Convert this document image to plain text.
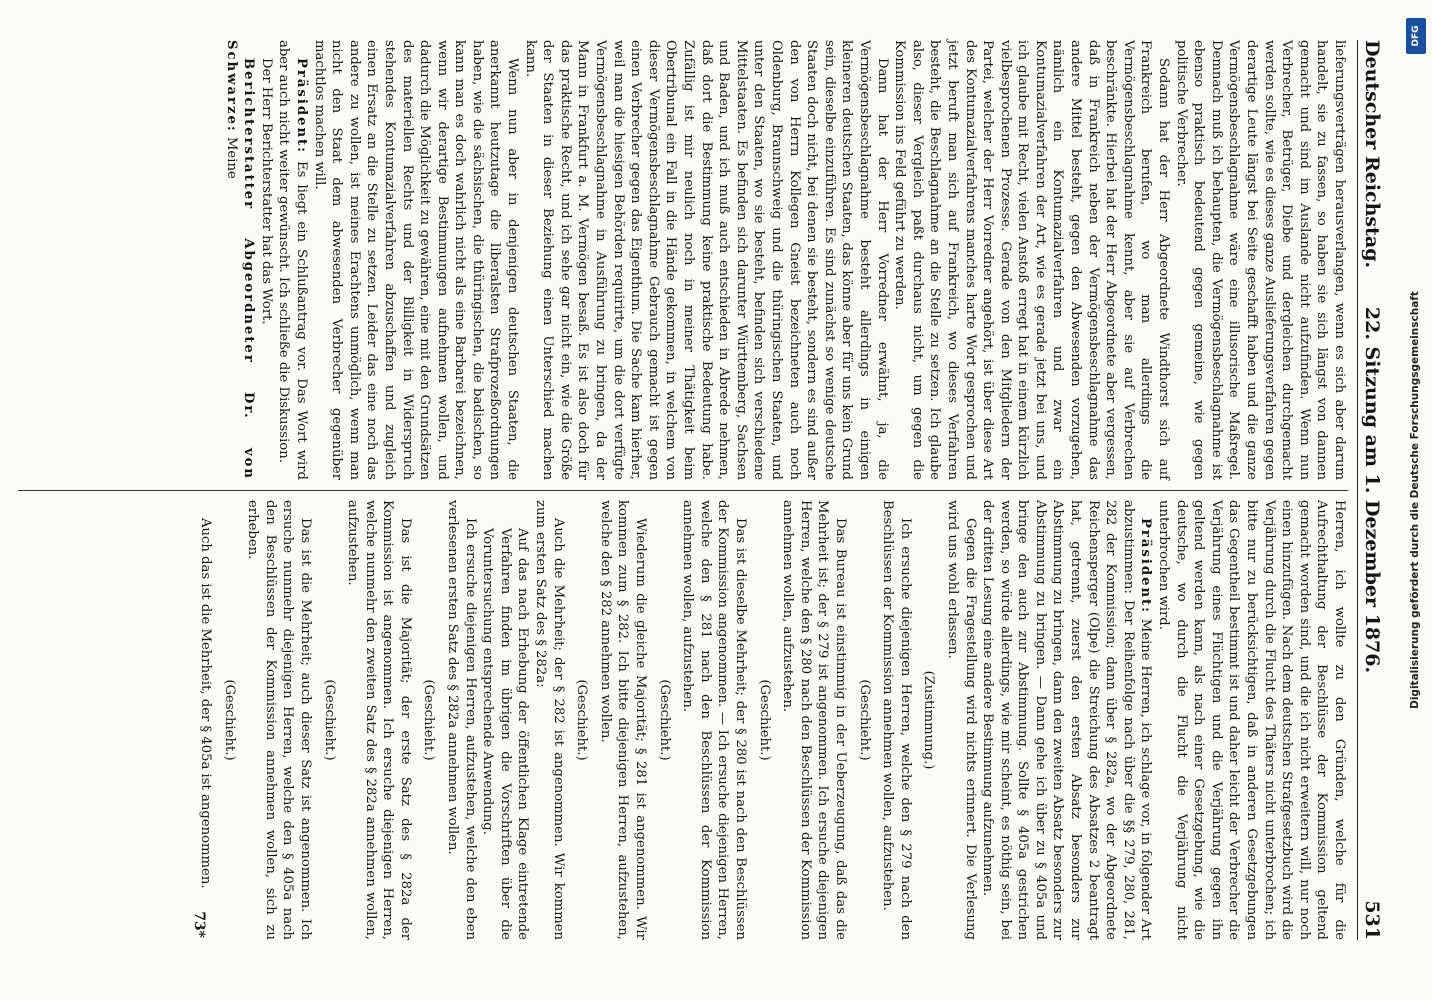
Deutscher Reichstag.
22. Sitzung am 1. Dezember 1876.
531

lieferungsverträgen herausverlangen, wenn es sich aber darum handelt, sie zu fassen, so haben sie sich längst von dannen gemacht und sind im Auslande nicht aufzufinden. Wenn nun Verbrecher, Betrüger, Diebe und dergleichen durchgemacht werden sollte, wie es dieses ganze Auslieferungsverfahren gegen derartige Leute längst bei Seite geschafft haben und die ganze Vermögensbeschlagnahme wäre eine illusorische Maßregel. Demnach muß ich behaupten, die Vermögensbeschlagnahme ist ebenso praktisch bedeutend gegen gemeine, wie gegen politische Verbrecher.

Sodann hat der Herr Abgeordnete Windthorst sich auf Frankreich berufen, wo man allerdings die Vermögensbeschlagnahme kennt, aber sie auf Verbrechen beschränkte. Hierbei hat der Herr Abgeordnete aber vergessen, daß in Frankreich neben der Vermögensbeschlagnahme das andere Mittel besteht, gegen den Abwesenden vorzugehen, nämlich ein Kontumazialverfahren und zwar ein Kontumazialverfahren der Art, wie es gerade jetzt bei uns, und ich glaube mit Recht, vielen Anstoß erregt hat in einem kürzlich vielbesprochenen Prozesse. Gerade von den Mitgliedern der Partei, welcher der Herr Vorredner angehört, ist über diese Art des Kontumazialverfahrens manches harte Wort gesprochen und jetzt beruft man sich auf Frankreich, wo dieses Verfahren besteht, die Beschlagnahme an die Stelle zu setzen. Ich glaube also, dieser Vergleich paßt durchaus nicht, um gegen die Kommission ins Feld geführt zu werden.

Dann hat der Herr Vorredner erwähnt, ja, die Vermögensbeschlagnahme besteht allerdings in einigen kleineren deutschen Staaten, das könne aber für uns kein Grund sein, dieselbe einzuführen. Es sind zunächst so wenige deutsche Staaten doch nicht, bei denen sie besteht, sondern es sind außer den von Herrn Kollegen Gneist bezeichneten auch noch Oldenburg, Braunschweig und die thüringischen Staaten, und unter den Staaten, wo sie besteht, befinden sich verschiedene Mittelstaaten. Es befinden sich darunter Württemberg, Sachsen und Baden, und ich muß auch entschieden in Abrede nehmen, daß dort die Bestimmung keine praktische Bedeutung habe. Zufällig ist mir neulich noch in meiner Thätigkeit beim Obertribunal ein Fall in die Hände gekommen, in welchem von dieser Vermögensbeschlagnahme Gebrauch gemacht ist gegen einen Verbrecher gegen das Eigenthum. Die Sache kam hierher, weil man die hiesigen Behörden requirirte, um die dort verfügte Vermögensbeschlagnahme in Ausführung zu bringen, da der Mann in Frankfurt a. M. Vermögen besaß. Es ist also doch für das praktische Recht, und ich sehe gar nicht ein, wie die Größe der Staaten in dieser Beziehung einen Unterschied machen kann.

Wenn nun aber in denjenigen deutschen Staaten, die anerkannt heutzutage die liberalsten Strafprozeßordnungen haben, wie die sächsischen, die thüringischen, die badischen, so kann man es doch wahrlich nicht als eine Barbarei bezeichnen, wenn wir derartige Bestimmungen aufnehmen wollen, und dadurch die Möglichkeit zu gewähren, eine mit den Grundsätzen des materiellen Rechts und der Billigkeit in Widerspruch stehendes Kontumazialverfahren abzuschaffen und zugleich einen Ersatz an die Stelle zu setzen. Leider das eine noch das andere zu wollen, ist meines Erachtens unmöglich, wenn man nicht den Staat dem abwesenden Verbrecher gegenüber machtlos machen will.

Präsident: Es liegt ein Schlußantrag vor. Das Wort wird aber auch nicht weiter gewünscht. Ich schließe die Diskussion.

Der Herr Berichterstatter hat das Wort.

Berichterstatter Abgeordneter Dr. von Schwarze: Meine

Herren, ich wollte zu den Gründen, welche für die Aufrechthaltung der Beschlüsse der Kommission geltend gemacht worden sind, und die ich nicht erweitern will, nur noch einen hinzufügen. Nach dem deutschen Strafgesetzbuch wird die Verjährung durch die Flucht des Thäters nicht unterbrochen; ich bitte nur zu berücksichtigen, daß in anderen Gesetzgebungen das Gegentheil bestimmt ist und daher leicht der Verbrecher die Verjährung eines Flüchtigen und die Verjährung gegen ihn geltend werden kann, als nach einer Gesetzgebung, wie die deutsche, wo durch die Flucht die Verjährung nicht unterbrochen wird.

Präsident: Meine Herren, ich schlage vor, in folgender Art abzustimmen: Der Reihenfolge nach über die §§ 279, 280, 281, 282 der Kommission; dann über § 282a, wo der Abgeordnete Reichensperger (Olpe) die Streichung des Absatzes 2 beantragt hat, getrennt, zuerst den ersten Absatz besonders zur Abstimmung zu bringen, dann den zweiten Absatz besonders zur Abstimmung zu bringen. — Dann gehe ich über zu § 405a und bringe den auch zur Abstimmung. Sollte § 405a gestrichen werden, so würde allerdings, wie mir scheint, es nöthig sein, bei der dritten Lesung eine andere Bestimmung aufzunehmen.

Gegen die Fragestellung wird nichts erinnert. Die Verlesung wird uns wohl erlassen.

(Zustimmung.)

Ich ersuche diejenigen Herren, welche den § 279 nach den Beschlüssen der Kommission annehmen wollen, aufzustehen.

(Geschieht.)

Das Bureau ist einstimmig in der Ueberzeugung, daß das die Mehrheit ist; der § 279 ist angenommen. Ich ersuche diejenigen Herren, welche den § 280 nach den Beschlüssen der Kommission annehmen wollen, aufzustehen.

(Geschieht.)

Das ist dieselbe Mehrheit; der § 280 ist nach den Beschlüssen der Kommission angenommen. — Ich ersuche diejenigen Herren, welche den § 281 nach den Beschlüssen der Kommission annehmen wollen, aufzustehen.

(Geschieht.)

Wiederum die gleiche Majorität; § 281 ist angenommen. Wir kommen zum § 282. Ich bitte diejenigen Herren, aufzustehen, welche den § 282 annehmen wollen.

(Geschieht.)

Auch die Mehrheit; der § 282 ist angenommen. Wir kommen zum ersten Satz des § 282a:

Auf das nach Erhebung der öffentlichen Klage eintretende Verfahren finden im übrigen die Vorschriften über die Voruntersuchung entsprechende Anwendung.

Ich ersuche diejenigen Herren, aufzustehen, welche den eben verlesenen ersten Satz des § 282a annehmen wollen.

(Geschieht.)

Das ist die Majorität; der erste Satz des § 282a der Kommission ist angenommen. Ich ersuche diejenigen Herren, welche nunmehr den zweiten Satz des § 282a annehmen wollen, aufzustehen.

(Geschieht.)

Das ist die Mehrheit; auch dieser Satz ist angenommen. Ich ersuche nunmehr diejenigen Herren, welche den § 405a nach den Beschlüssen der Kommission annehmen wollen, sich zu erheben.

(Geschieht.)

Auch das ist die Mehrheit, der § 405a ist angenommen.

73*
Digitalisierung gefördert durch die Deutsche Forschungsgemeinschaft
DFG
